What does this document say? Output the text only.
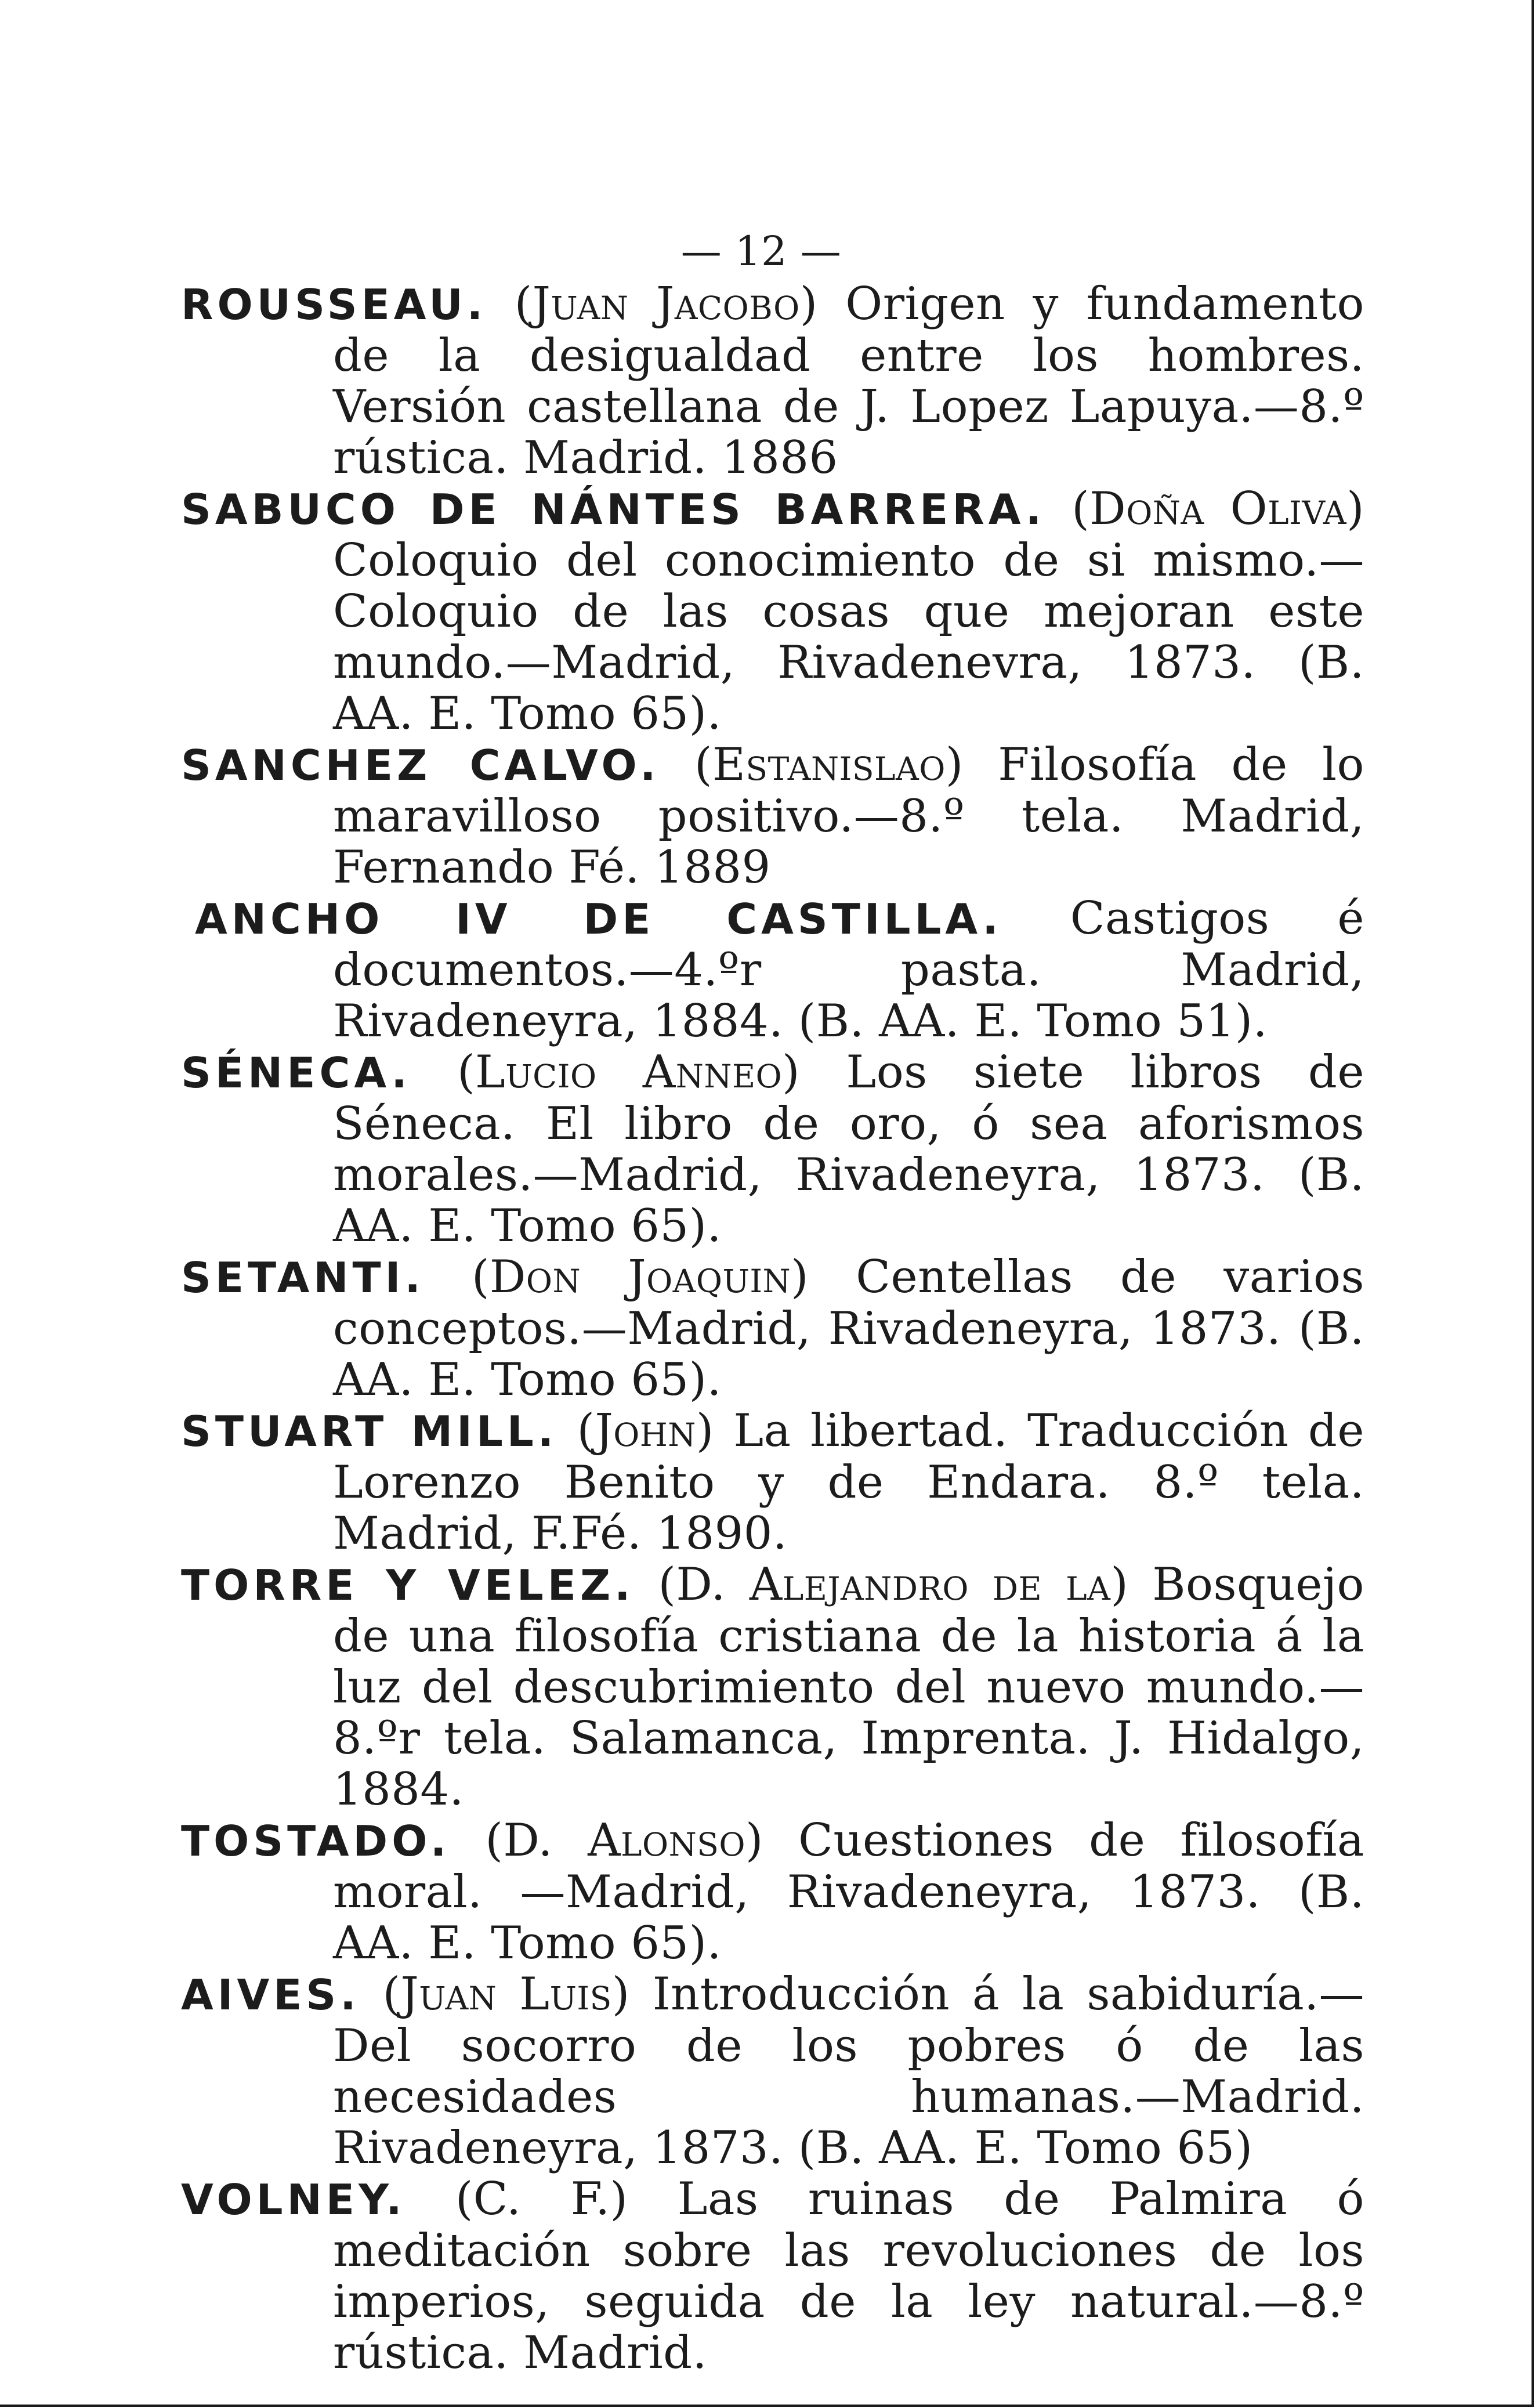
— 12 —

ROUSSEAU. (Juan Jacobo) Origen y fundamento de la desigualdad entre los hombres. Versión castellana de J. Lopez Lapuya.—8.º rústica. Madrid. 1886

SABUCO DE NÁNTES BARRERA. (Doña Oliva) Coloquio del conocimiento de si mismo.—Coloquio de las cosas que mejoran este mundo.—Madrid, Rivadenevra, 1873. (B. AA. E. Tomo 65).

SANCHEZ CALVO. (Estanislao) Filosofía de lo maravilloso positivo.—8.º tela. Madrid, Fernando Fé. 1889

ANCHO IV DE CASTILLA. Castigos é documentos.—4.ºr pasta. Madrid, Rivadeneyra, 1884. (B. AA. E. Tomo 51).

SÉNECA. (Lucio Anneo) Los siete libros de Séneca. El libro de oro, ó sea aforismos morales.—Madrid, Rivadeneyra, 1873. (B. AA. E. Tomo 65).

SETANTI. (Don Joaquin) Centellas de varios conceptos.—Madrid, Rivadeneyra, 1873. (B. AA. E. Tomo 65).

STUART MILL. (John) La libertad. Traducción de Lorenzo Benito y de Endara. 8.º tela. Madrid, F.Fé. 1890.

TORRE Y VELEZ. (D. Alejandro de la) Bosquejo de una filosofía cristiana de la historia á la luz del descubrimiento del nuevo mundo.—8.ºr tela. Salamanca, Imprenta. J. Hidalgo, 1884.

TOSTADO. (D. Alonso) Cuestiones de filosofía moral. —Madrid, Rivadeneyra, 1873. (B. AA. E. Tomo 65).

AIVES. (Juan Luis) Introducción á la sabiduría.—Del socorro de los pobres ó de las necesidades humanas.—Madrid. Rivadeneyra, 1873. (B. AA. E. Tomo 65)

VOLNEY. (C. F.) Las ruinas de Palmira ó meditación sobre las revoluciones de los imperios, seguida de la ley natural.—8.º rústica. Madrid.
